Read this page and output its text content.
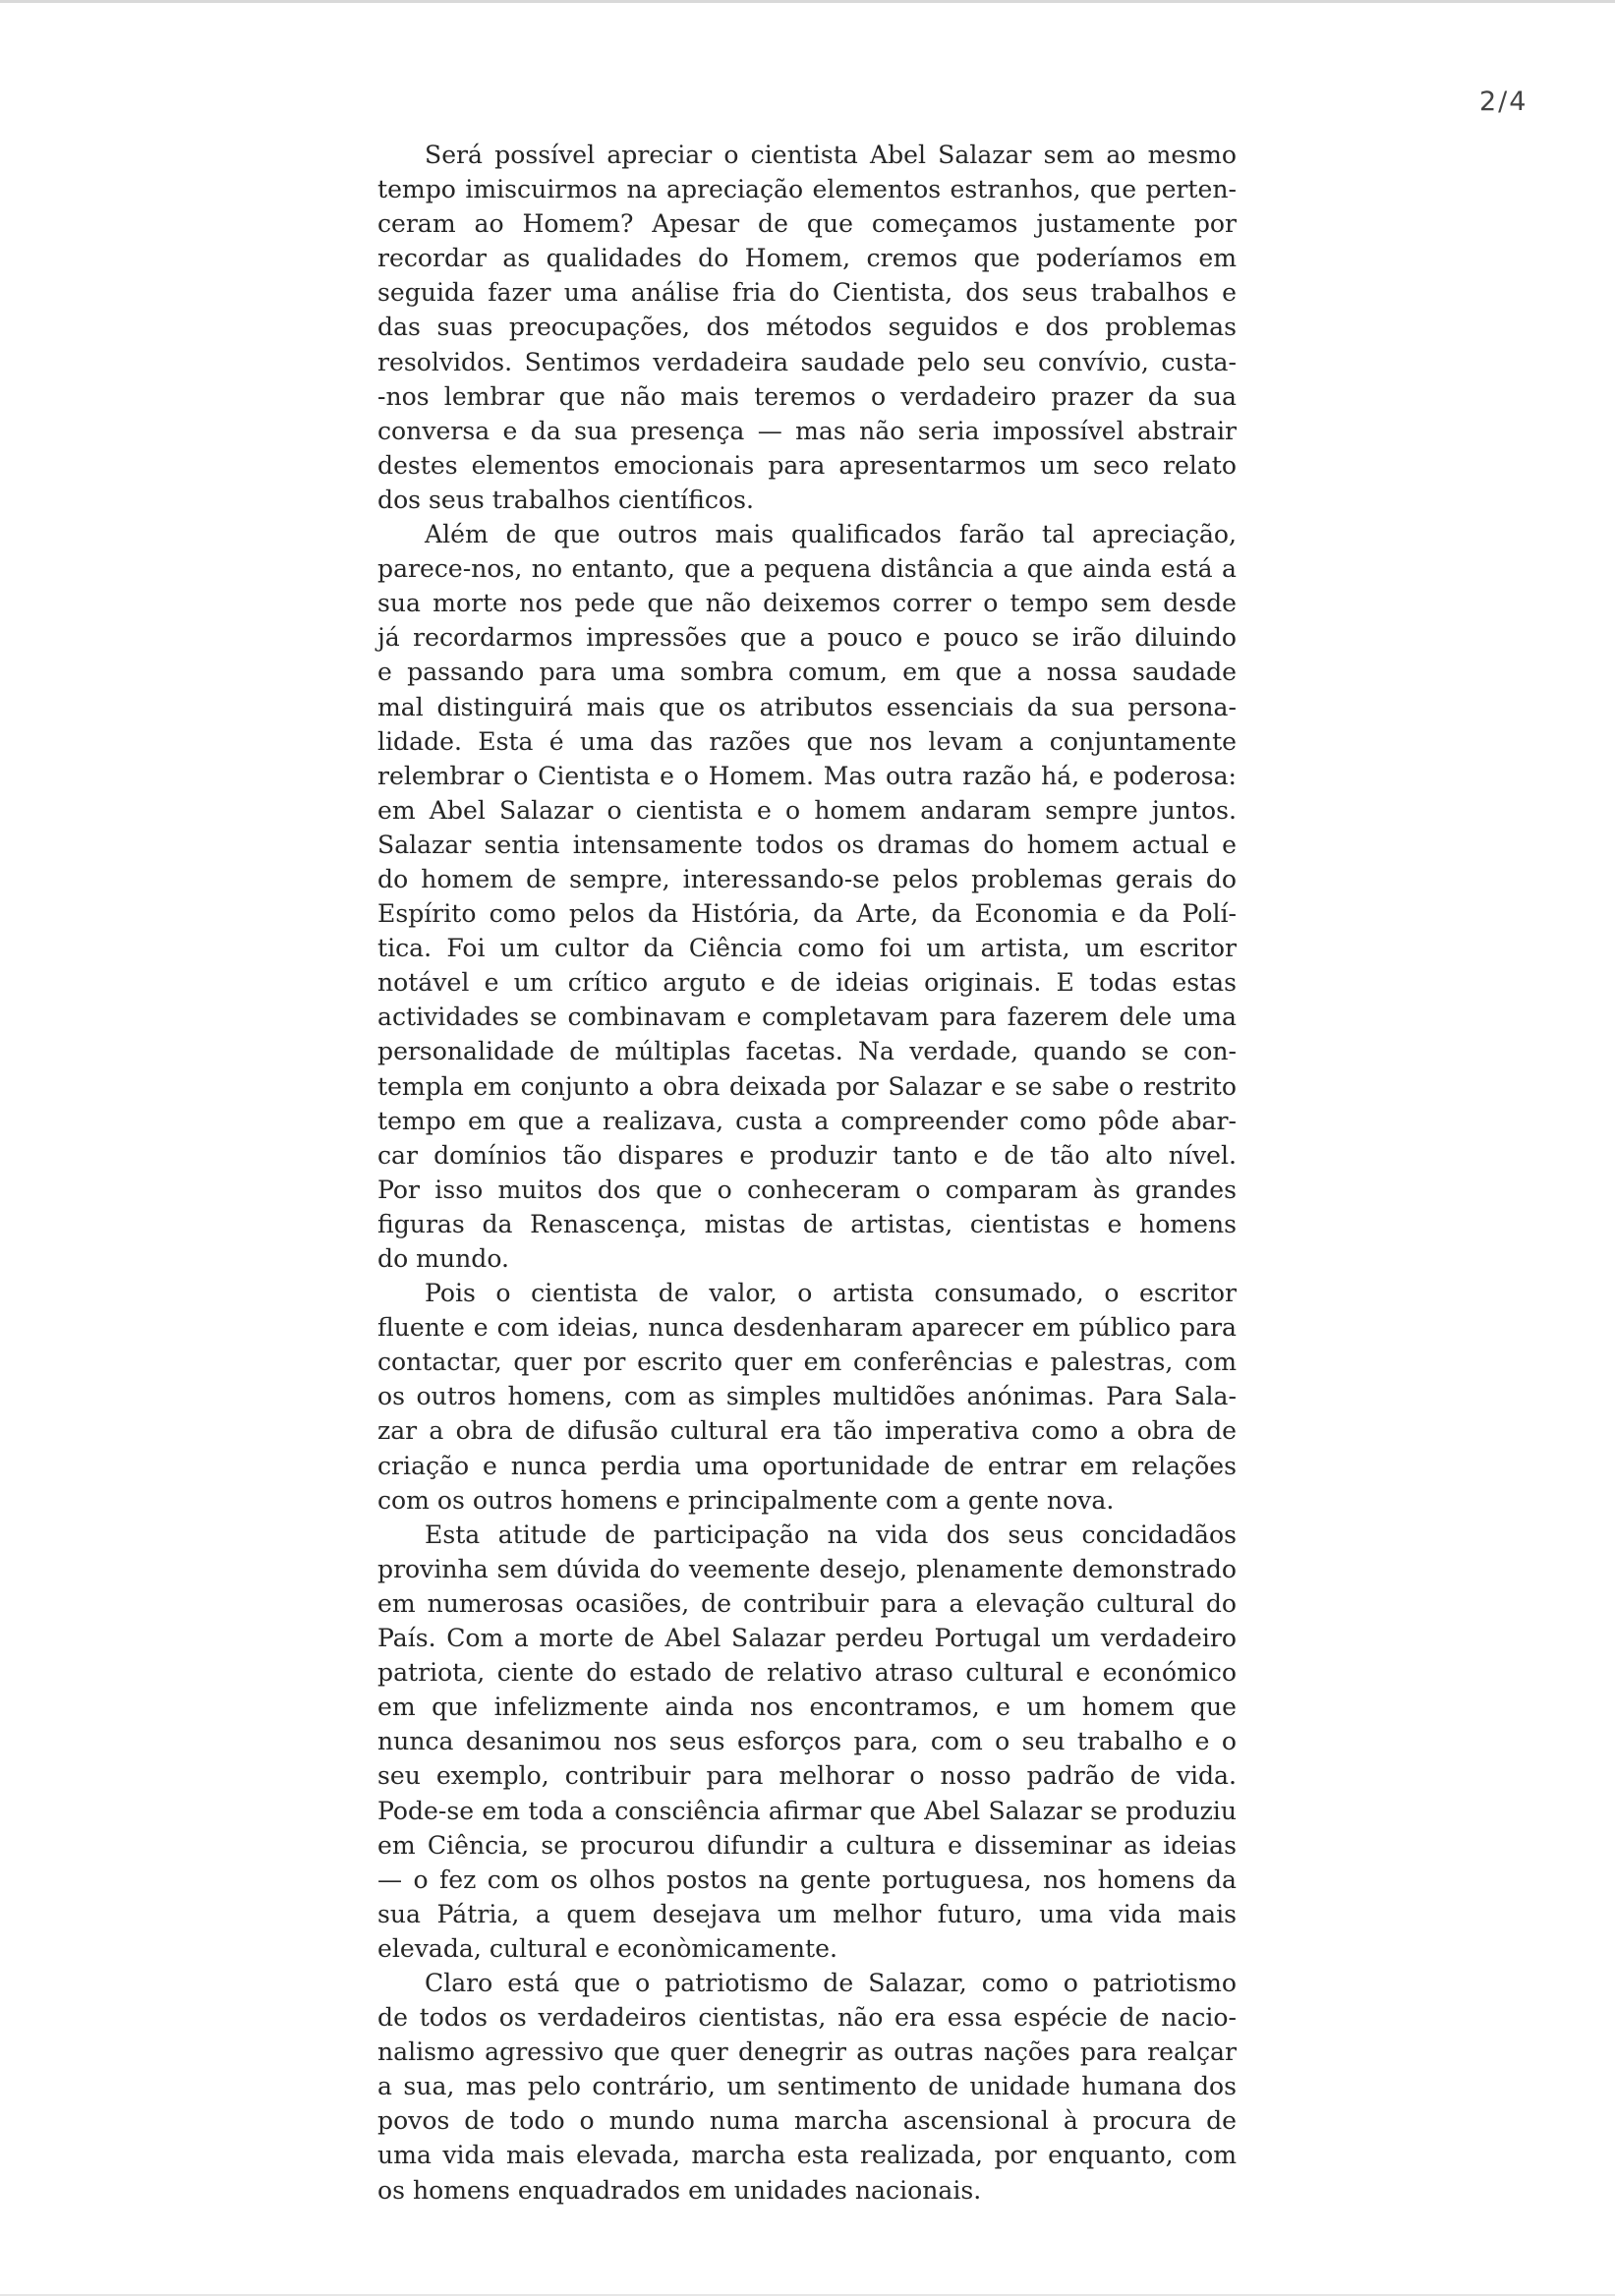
2/4
Será possível apreciar o cientista Abel Salazar sem ao mesmo
tempo imiscuirmos na apreciação elementos estranhos, que perten-
ceram ao Homem? Apesar de que começamos justamente por
recordar as qualidades do Homem, cremos que poderíamos em
seguida fazer uma análise fria do Cientista, dos seus trabalhos e
das suas preocupações, dos métodos seguidos e dos problemas
resolvidos. Sentimos verdadeira saudade pelo seu convívio, custa-
-nos lembrar que não mais teremos o verdadeiro prazer da sua
conversa e da sua presença — mas não seria impossível abstrair
destes elementos emocionais para apresentarmos um seco relato
dos seus trabalhos científicos.
Além de que outros mais qualificados farão tal apreciação,
parece-nos, no entanto, que a pequena distância a que ainda está a
sua morte nos pede que não deixemos correr o tempo sem desde
já recordarmos impressões que a pouco e pouco se irão diluindo
e passando para uma sombra comum, em que a nossa saudade
mal distinguirá mais que os atributos essenciais da sua persona-
lidade. Esta é uma das razões que nos levam a conjuntamente
relembrar o Cientista e o Homem. Mas outra razão há, e poderosa:
em Abel Salazar o cientista e o homem andaram sempre juntos.
Salazar sentia intensamente todos os dramas do homem actual e
do homem de sempre, interessando-se pelos problemas gerais do
Espírito como pelos da História, da Arte, da Economia e da Polí-
tica. Foi um cultor da Ciência como foi um artista, um escritor
notável e um crítico arguto e de ideias originais. E todas estas
actividades se combinavam e completavam para fazerem dele uma
personalidade de múltiplas facetas. Na verdade, quando se con-
templa em conjunto a obra deixada por Salazar e se sabe o restrito
tempo em que a realizava, custa a compreender como pôde abar-
car domínios tão dispares e produzir tanto e de tão alto nível.
Por isso muitos dos que o conheceram o comparam às grandes
figuras da Renascença, mistas de artistas, cientistas e homens
do mundo.
Pois o cientista de valor, o artista consumado, o escritor
fluente e com ideias, nunca desdenharam aparecer em público para
contactar, quer por escrito quer em conferências e palestras, com
os outros homens, com as simples multidões anónimas. Para Sala-
zar a obra de difusão cultural era tão imperativa como a obra de
criação e nunca perdia uma oportunidade de entrar em relações
com os outros homens e principalmente com a gente nova.
Esta atitude de participação na vida dos seus concidadãos
provinha sem dúvida do veemente desejo, plenamente demonstrado
em numerosas ocasiões, de contribuir para a elevação cultural do
País. Com a morte de Abel Salazar perdeu Portugal um verdadeiro
patriota, ciente do estado de relativo atraso cultural e económico
em que infelizmente ainda nos encontramos, e um homem que
nunca desanimou nos seus esforços para, com o seu trabalho e o
seu exemplo, contribuir para melhorar o nosso padrão de vida.
Pode-se em toda a consciência afirmar que Abel Salazar se produziu
em Ciência, se procurou difundir a cultura e disseminar as ideias
— o fez com os olhos postos na gente portuguesa, nos homens da
sua Pátria, a quem desejava um melhor futuro, uma vida mais
elevada, cultural e econòmicamente.
Claro está que o patriotismo de Salazar, como o patriotismo
de todos os verdadeiros cientistas, não era essa espécie de nacio-
nalismo agressivo que quer denegrir as outras nações para realçar
a sua, mas pelo contrário, um sentimento de unidade humana dos
povos de todo o mundo numa marcha ascensional à procura de
uma vida mais elevada, marcha esta realizada, por enquanto, com
os homens enquadrados em unidades nacionais.
